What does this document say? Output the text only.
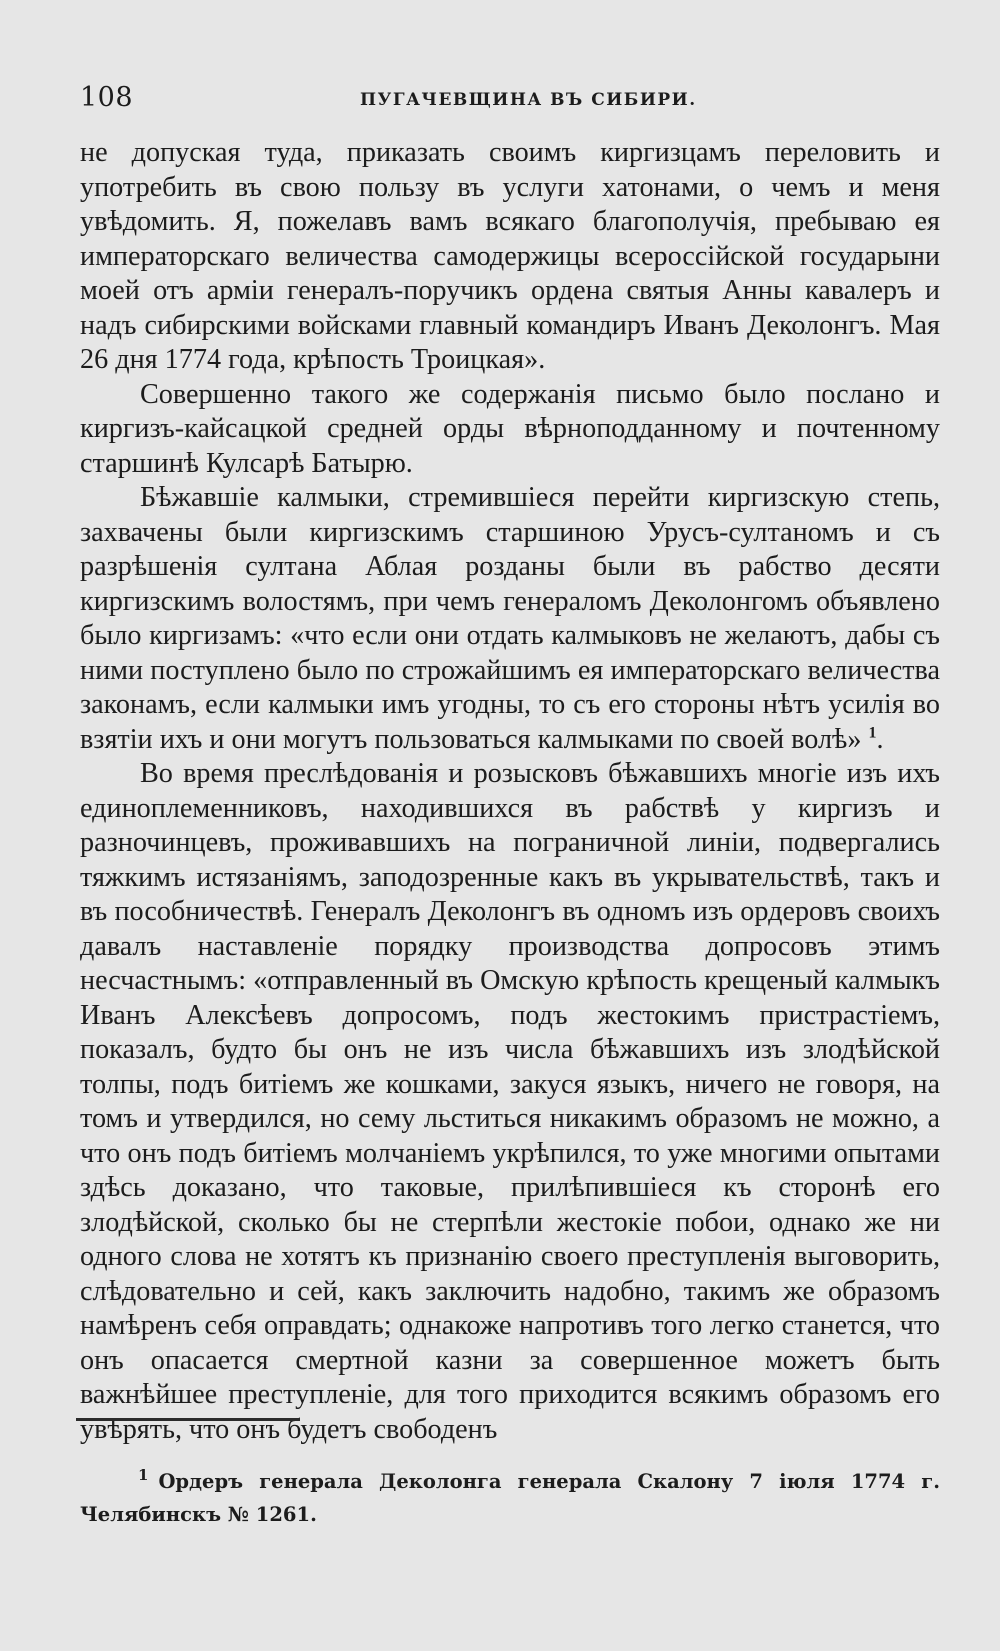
108	ПУГАЧЕВЩИНА ВЪ СИБИРИ.

не допуская туда, приказать своимъ киргизцамъ переловить и употребить въ свою пользу въ услуги хатонами, о чемъ и меня увѣдомить. Я, пожелавъ вамъ всякаго благополучія, пребываю ея императорскаго величества самодержицы всероссійской государыни моей отъ арміи генералъ-поручикъ ордена святыя Анны кавалеръ и надъ сибирскими войсками главный командиръ Иванъ Деколонгъ. Мая 26 дня 1774 года, крѣпость Троицкая».

Совершенно такого же содержанія письмо было послано и киргизъ-кайсацкой средней орды вѣрноподданному и почтенному старшинѣ Кулсарѣ Батырю.

Бѣжавшіе калмыки, стремившіеся перейти киргизскую степь, захвачены были киргизскимъ старшиною Урусъ-султаномъ и съ разрѣшенія султана Аблая розданы были въ рабство десяти киргизскимъ волостямъ, при чемъ генераломъ Деколонгомъ объявлено было киргизамъ: «что если они отдать калмыковъ не желаютъ, дабы съ ними поступлено было по строжайшимъ ея императорскаго величества законамъ, если калмыки имъ угодны, то съ его стороны нѣтъ усилія во взятіи ихъ и они могутъ пользоваться калмыками по своей волѣ» $^1$.

Во время преслѣдованія и розысковъ бѣжавшихъ многіе изъ ихъ единоплеменниковъ, находившихся въ рабствѣ у киргизъ и разночинцевъ, проживавшихъ на пограничной линіи, подвергались тяжкимъ истязаніямъ, заподозренные какъ въ укрывательствѣ, такъ и въ пособничествѣ. Генералъ Деколонгъ въ одномъ изъ ордеровъ своихъ давалъ наставленіе порядку производства допросовъ этимъ несчастнымъ: «отправленный въ Омскую крѣпость крещеный калмыкъ Иванъ Алексѣевъ допросомъ, подъ жестокимъ пристрастіемъ, показалъ, будто бы онъ не изъ числа бѣжавшихъ изъ злодѣйской толпы, подъ битіемъ же кошками, закуся языкъ, ничего не говоря, на томъ и утвердился, но сему льститься никакимъ образомъ не можно, а что онъ подъ битіемъ молчаніемъ укрѣпился, то уже многими опытами здѣсь доказано, что таковые, прилѣпившіеся къ сторонѣ его злодѣйской, сколько бы не стерпѣли жестокіе побои, однако же ни одного слова не хотятъ къ признанію своего преступленія выговорить, слѣдовательно и сей, какъ заключить надобно, такимъ же образомъ намѣренъ себя оправдать; однакоже напротивъ того легко станется, что онъ опасается смертной казни за совершенное можетъ быть важнѣйшее преступленіе, для того приходится всякимъ образомъ его увѣрять, что онъ будетъ свободенъ

$^1$ Ордеръ генерала Деколонга генерала Скалону 7 іюля 1774 г. Челябинскъ № 1261.
